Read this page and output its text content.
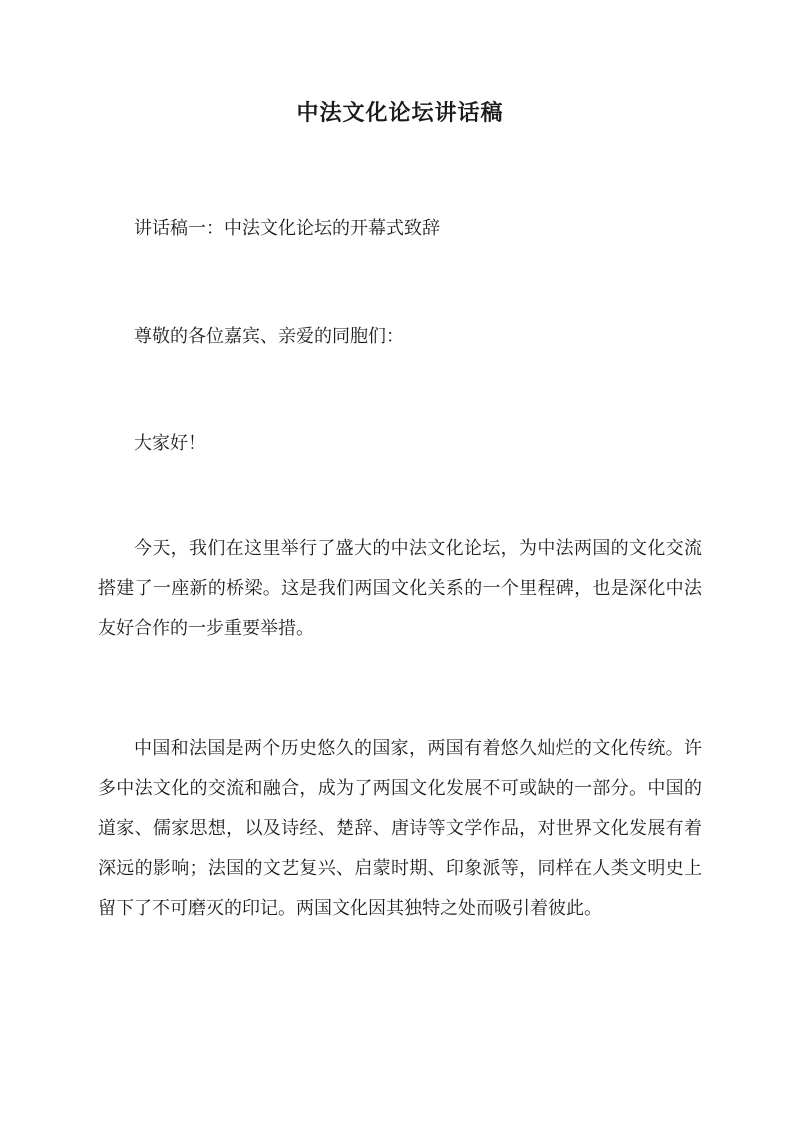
中法文化论坛讲话稿

讲话稿一：中法文化论坛的开幕式致辞

尊敬的各位嘉宾、亲爱的同胞们：

大家好！

今天，我们在这里举行了盛大的中法文化论坛，为中法两国的文化交流搭建了一座新的桥梁。这是我们两国文化关系的一个里程碑，也是深化中法友好合作的一步重要举措。

中国和法国是两个历史悠久的国家，两国有着悠久灿烂的文化传统。许多中法文化的交流和融合，成为了两国文化发展不可或缺的一部分。中国的道家、儒家思想，以及诗经、楚辞、唐诗等文学作品，对世界文化发展有着深远的影响；法国的文艺复兴、启蒙时期、印象派等，同样在人类文明史上留下了不可磨灭的印记。两国文化因其独特之处而吸引着彼此。
